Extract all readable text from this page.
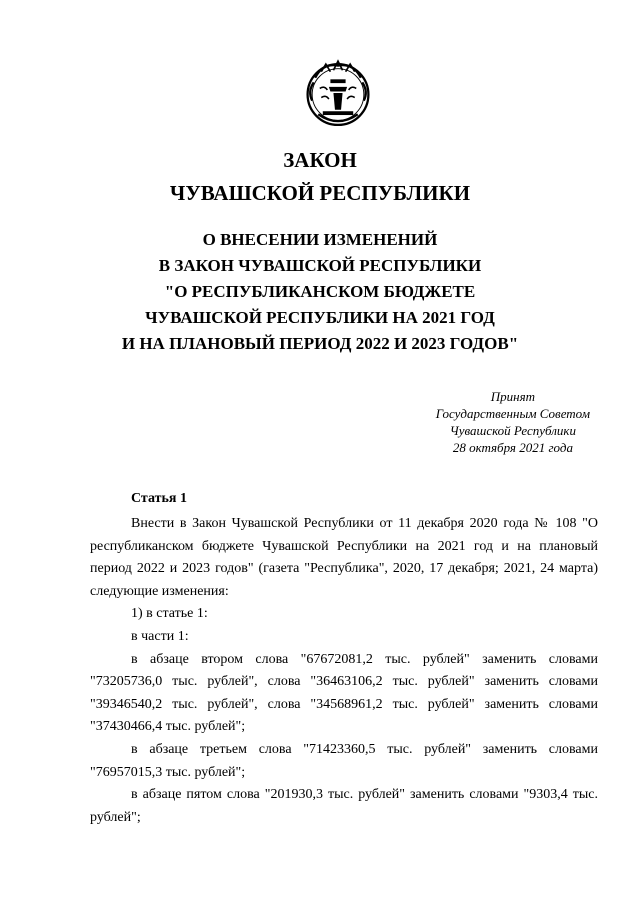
ЗАКОН
ЧУВАШСКОЙ РЕСПУБЛИКИ
О ВНЕСЕНИИ ИЗМЕНЕНИЙ
В ЗАКОН ЧУВАШСКОЙ РЕСПУБЛИКИ
"О РЕСПУБЛИКАНСКОМ БЮДЖЕТЕ
ЧУВАШСКОЙ РЕСПУБЛИКИ НА 2021 ГОД
И НА ПЛАНОВЫЙ ПЕРИОД 2022 И 2023 ГОДОВ"
Принят
Государственным Советом
Чувашской Республики
28 октября 2021 года
Статья 1

Внести в Закон Чувашской Республики от 11 декабря 2020 года № 108 "О республиканском бюджете Чувашской Республики на 2021 год и на плановый период 2022 и 2023 годов" (газета "Республика", 2020, 17 декабря; 2021, 24 марта) следующие изменения:

1) в статье 1:

в части 1:

в абзаце втором слова "67672081,2 тыс. рублей" заменить словами "73205736,0 тыс. рублей", слова "36463106,2 тыс. рублей" заменить словами "39346540,2 тыс. рублей", слова "34568961,2 тыс. рублей" заменить словами "37430466,4 тыс. рублей";

в абзаце третьем слова "71423360,5 тыс. рублей" заменить словами "76957015,3 тыс. рублей";

в абзаце пятом слова "201930,3 тыс. рублей" заменить словами "9303,4 тыс. рублей";
